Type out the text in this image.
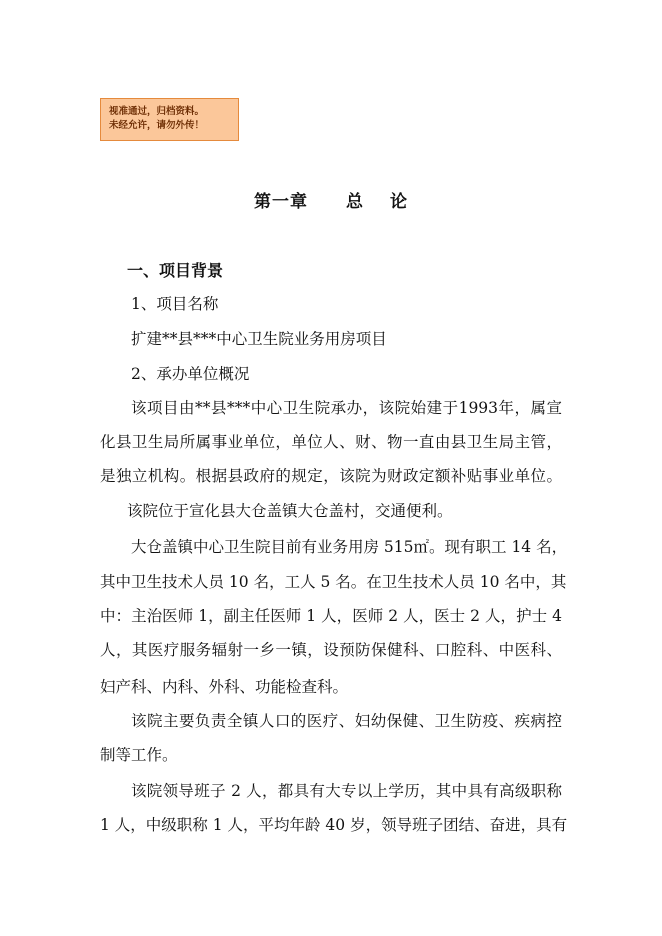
视准通过，归档资料。
未经允许，请勿外传！
第一章 总 论
一、项目背景
1、项目名称
扩建**县***中心卫生院业务用房项目
2、承办单位概况
该项目由**县***中心卫生院承办，该院始建于1993年，属宣
化县卫生局所属事业单位，单位人、财、物一直由县卫生局主管，
是独立机构。根据县政府的规定，该院为财政定额补贴事业单位。
该院位于宣化县大仓盖镇大仓盖村，交通便利。
大仓盖镇中心卫生院目前有业务用房 515㎡。现有职工 14 名，
其中卫生技术人员 10 名，工人 5 名。在卫生技术人员 10 名中，其
中：主治医师 1，副主任医师 1 人，医师 2 人，医士 2 人，护士 4
人，其医疗服务辐射一乡一镇，设预防保健科、口腔科、中医科、
妇产科、内科、外科、功能检查科。
该院主要负责全镇人口的医疗、妇幼保健、卫生防疫、疾病控
制等工作。
该院领导班子 2 人，都具有大专以上学历，其中具有高级职称
1 人，中级职称 1 人，平均年龄 40 岁，领导班子团结、奋进，具有
